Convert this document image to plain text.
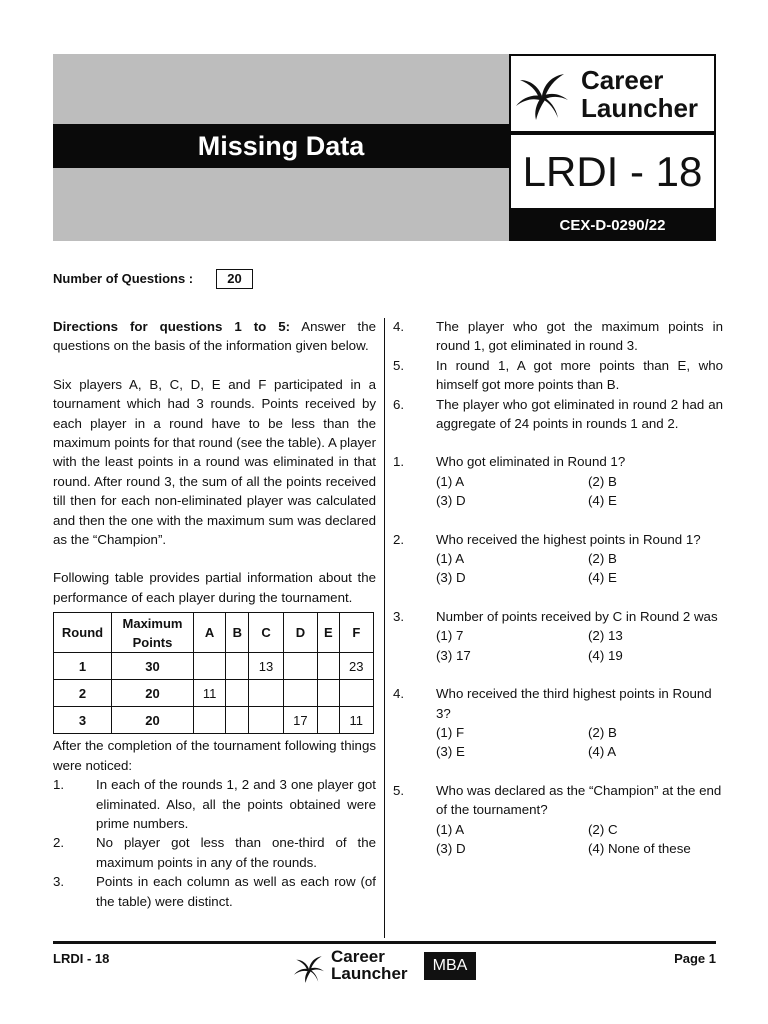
Missing Data
Career
Launcher
LRDI - 18
CEX-D-0290/22
Number of Questions :	20

Directions for questions 1 to 5: Answer the questions on the basis of the information given below.

Six players A, B, C, D, E and F participated in a tournament which had 3 rounds. Points received by each player in a round have to be less than the maximum points for that round (see the table). A player with the least points in a round was eliminated in that round. After round 3, the sum of all the points received till then for each non-eliminated player was calculated and then the one with the maximum sum was declared as the “Champion”.

Following table provides partial information about the performance of each player during the tournament.

Round	Maximum Points	A	B	C	D	E	F
1	30			13			23
2	20	11					
3	20				17		11

After the completion of the tournament following things were noticed:

1.	In each of the rounds 1, 2 and 3 one player got eliminated. Also, all the points obtained were prime numbers.
2.	No player got less than one-third of the maximum points in any of the rounds.
3.	Points in each column as well as each row (of the table) were distinct.
4.	The player who got the maximum points in round 1, got eliminated in round 3.
5.	In round 1, A got more points than E, who himself got more points than B.
6.	The player who got eliminated in round 2 had an aggregate of 24 points in rounds 1 and 2.
1.	Who got eliminated in Round 1?
(1) A	(2) B
(3) D	(4) E
2.	Who received the highest points in Round 1?
(1) A	(2) B
(3) D	(4) E
3.	Number of points received by C in Round 2 was
(1) 7	(2) 13
(3) 17	(4) 19
4.	Who received the third highest points in Round 3?
(1) F	(2) B
(3) E	(4) A
5.	Who was declared as the “Champion” at the end of the tournament?
(1) A	(2) C
(3) D	(4) None of these
LRDI - 18	Career
Launcher	MBA	Page 1
